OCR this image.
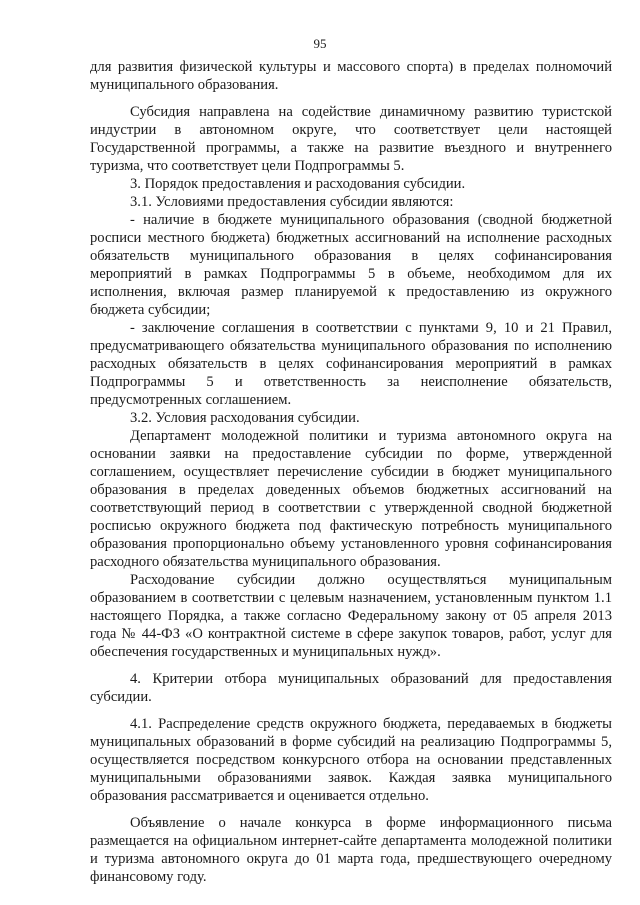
95

для развития физической культуры и массового спорта) в пределах полномочий муниципального образования.

Субсидия направлена на содействие динамичному развитию туристской индустрии в автономном округе, что соответствует цели настоящей Государственной программы, а также на развитие въездного и внутреннего туризма, что соответствует цели Подпрограммы 5.

3. Порядок предоставления и расходования субсидии.

3.1. Условиями предоставления субсидии являются:

- наличие в бюджете муниципального образования (сводной бюджетной росписи местного бюджета) бюджетных ассигнований на исполнение расходных обязательств муниципального образования в целях софинансирования мероприятий в рамках Подпрограммы 5 в объеме, необходимом для их исполнения, включая размер планируемой к предоставлению из окружного бюджета субсидии;

- заключение соглашения в соответствии с пунктами 9, 10 и 21 Правил, предусматривающего обязательства муниципального образования по исполнению расходных обязательств в целях софинансирования мероприятий в рамках Подпрограммы 5 и ответственность за неисполнение обязательств, предусмотренных соглашением.

3.2. Условия расходования субсидии.

Департамент молодежной политики и туризма автономного округа на основании заявки на предоставление субсидии по форме, утвержденной соглашением, осуществляет перечисление субсидии в бюджет муниципального образования в пределах доведенных объемов бюджетных ассигнований на соответствующий период в соответствии с утвержденной сводной бюджетной росписью окружного бюджета под фактическую потребность муниципального образования пропорционально объему установленного уровня софинансирования расходного обязательства муниципального образования.

Расходование субсидии должно осуществляться муниципальным образованием в соответствии с целевым назначением, установленным пунктом 1.1 настоящего Порядка, а также согласно Федеральному закону от 05 апреля 2013 года № 44-ФЗ «О контрактной системе в сфере закупок товаров, работ, услуг для обеспечения государственных и муниципальных нужд».

4. Критерии отбора муниципальных образований для предоставления субсидии.

4.1. Распределение средств окружного бюджета, передаваемых в бюджеты муниципальных образований в форме субсидий на реализацию Подпрограммы 5, осуществляется посредством конкурсного отбора на основании представленных муниципальными образованиями заявок. Каждая заявка муниципального образования рассматривается и оценивается отдельно.

Объявление о начале конкурса в форме информационного письма размещается на официальном интернет-сайте департамента молодежной политики и туризма автономного округа до 01 марта года, предшествующего очередному финансовому году.
